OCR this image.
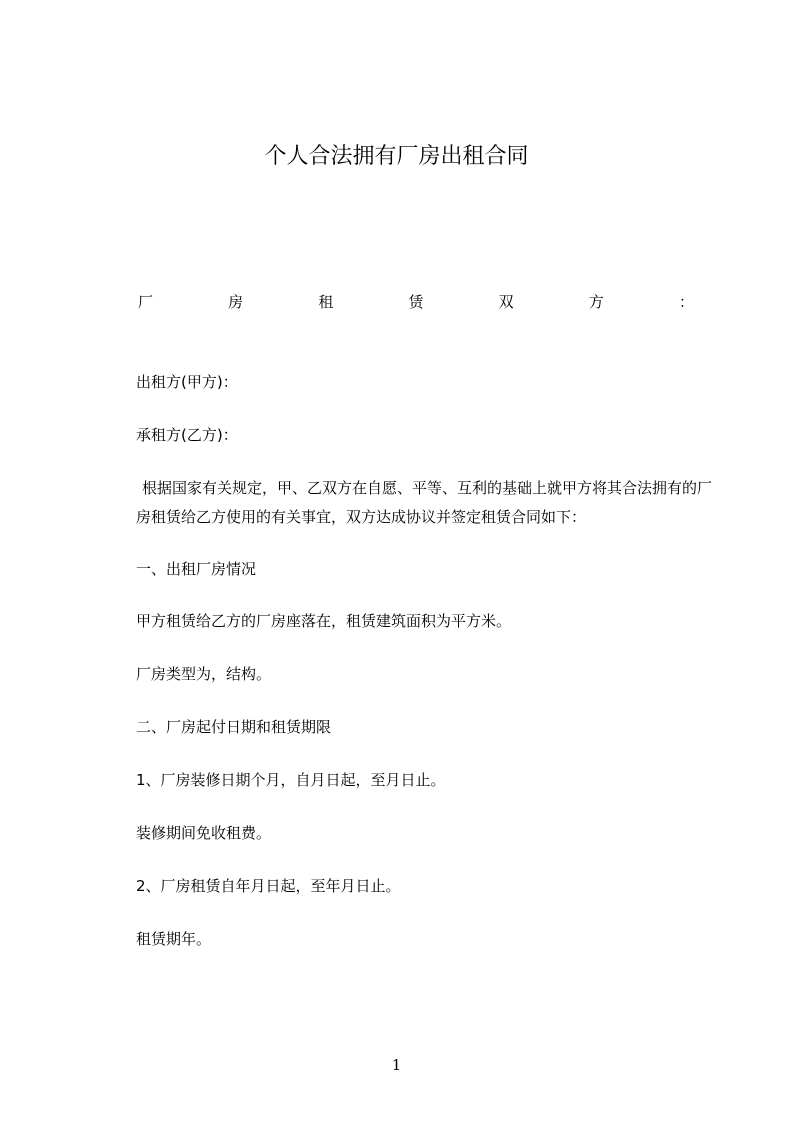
个人合法拥有厂房出租合同
厂	房	租	赁	双	方	：
出租方(甲方)：
承租方(乙方)：
根据国家有关规定，甲、乙双方在自愿、平等、互利的基础上就甲方将其合法拥有的厂房租赁给乙方使用的有关事宜，双方达成协议并签定租赁合同如下：
一、出租厂房情况
甲方租赁给乙方的厂房座落在，租赁建筑面积为平方米。
厂房类型为，结构。
二、厂房起付日期和租赁期限
1、厂房装修日期个月，自月日起，至月日止。
装修期间免收租费。
2、厂房租赁自年月日起，至年月日止。
租赁期年。
1
